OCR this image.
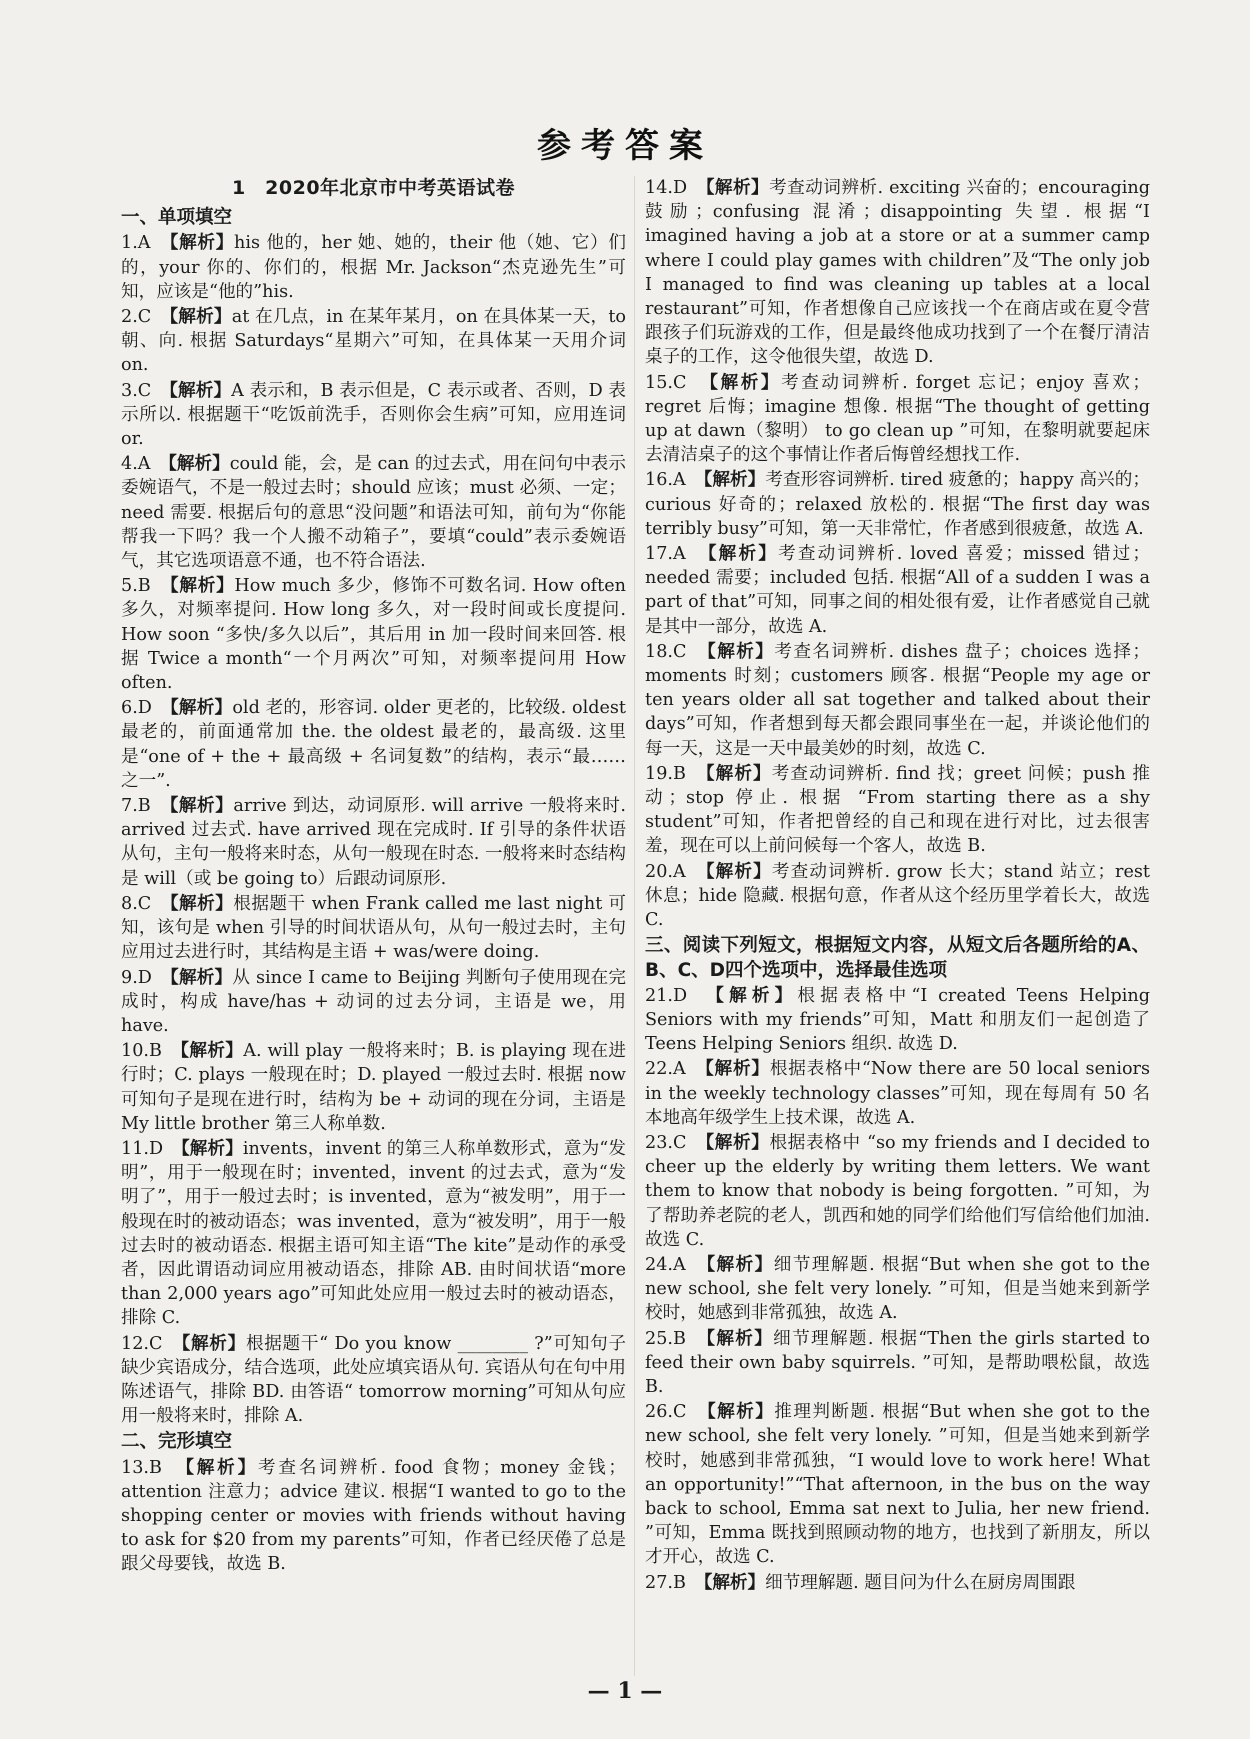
参考答案
1　2020年北京市中考英语试卷
一、单项填空
1.A　 【解析】his 他的，her 她、她的，their 他（她、它）们的，your 你的、你们的，根据 Mr. Jackson“杰克逊先生”可知，应该是“他的”his.
2.C　 【解析】at 在几点，in 在某年某月，on 在具体某一天，to 朝、向. 根据 Saturdays“星期六”可知，在具体某一天用介词 on.
3.C　 【解析】A 表示和，B 表示但是，C 表示或者、否则，D 表示所以. 根据题干“吃饭前洗手，否则你会生病”可知，应用连词 or.
4.A　 【解析】could 能，会，是 can 的过去式，用在问句中表示委婉语气，不是一般过去时；should 应该；must 必须、一定；need 需要. 根据后句的意思“没问题”和语法可知，前句为“你能帮我一下吗？我一个人搬不动箱子”，要填“could”表示委婉语气，其它选项语意不通，也不符合语法.
5.B　 【解析】How much 多少，修饰不可数名词. How often 多久，对频率提问. How long 多久，对一段时间或长度提问. How soon “多快/多久以后”，其后用 in 加一段时间来回答. 根据 Twice a month“一个月两次”可知，对频率提问用 How often.
6.D　 【解析】old 老的，形容词. older 更老的，比较级. oldest 最老的，前面通常加 the. the oldest 最老的，最高级. 这里是“one of + the + 最高级 + 名词复数”的结构，表示“最……之一”.
7.B　 【解析】arrive 到达，动词原形. will arrive 一般将来时. arrived 过去式. have arrived 现在完成时. If 引导的条件状语从句，主句一般将来时态，从句一般现在时态. 一般将来时态结构是 will（或 be going to）后跟动词原形.
8.C　 【解析】根据题干 when Frank called me last night 可知，该句是 when 引导的时间状语从句，从句一般过去时，主句应用过去进行时，其结构是主语 + was/were doing.
9.D　 【解析】从 since I came to Beijing 判断句子使用现在完成时，构成 have/has + 动词的过去分词，主语是 we，用 have.
10.B　 【解析】A. will play 一般将来时；B. is playing 现在进行时；C. plays 一般现在时；D. played 一般过去时. 根据 now 可知句子是现在进行时，结构为 be + 动词的现在分词，主语是 My little brother 第三人称单数.
11.D　 【解析】invents，invent 的第三人称单数形式，意为“发明”，用于一般现在时；invented，invent 的过去式，意为“发明了”，用于一般过去时；is invented，意为“被发明”，用于一般现在时的被动语态；was invented，意为“被发明”，用于一般过去时的被动语态. 根据主语可知主语“The kite”是动作的承受者，因此谓语动词应用被动语态，排除 AB. 由时间状语“more than 2,000 years ago”可知此处应用一般过去时的被动语态，排除 C.
12.C　 【解析】根据题干“ Do you know ________ ?”可知句子缺少宾语成分，结合选项，此处应填宾语从句. 宾语从句在句中用陈述语气，排除 BD. 由答语“ tomorrow morning”可知从句应用一般将来时，排除 A.
二、完形填空
13.B　 【解析】考查名词辨析. food 食物；money 金钱；attention 注意力；advice 建议. 根据“I wanted to go to the shopping center or movies with friends without having to ask for $20 from my parents”可知，作者已经厌倦了总是跟父母要钱，故选 B.
14.D　 【解析】考查动词辨析. exciting 兴奋的；encouraging 鼓励；confusing 混淆；disappointing 失望. 根据“I imagined having a job at a store or at a summer camp where I could play games with children”及“The only job I managed to find was cleaning up tables at a local restaurant”可知，作者想像自己应该找一个在商店或在夏令营跟孩子们玩游戏的工作，但是最终他成功找到了一个在餐厅清洁桌子的工作，这令他很失望，故选 D.
15.C　 【解析】考查动词辨析. forget 忘记；enjoy 喜欢；regret 后悔；imagine 想像. 根据“The thought of getting up at dawn（黎明） to go clean up ”可知，在黎明就要起床去清洁桌子的这个事情让作者后悔曾经想找工作.
16.A　 【解析】考查形容词辨析. tired 疲惫的；happy 高兴的；curious 好奇的；relaxed 放松的. 根据“The first day was terribly busy”可知，第一天非常忙，作者感到很疲惫，故选 A.
17.A　 【解析】考查动词辨析. loved 喜爱；missed 错过；needed 需要；included 包括. 根据“All of a sudden I was a part of that”可知，同事之间的相处很有爱，让作者感觉自己就是其中一部分，故选 A.
18.C　 【解析】考查名词辨析. dishes 盘子；choices 选择；moments 时刻；customers 顾客. 根据“People my age or ten years older all sat together and talked about their days”可知，作者想到每天都会跟同事坐在一起，并谈论他们的每一天，这是一天中最美妙的时刻，故选 C.
19.B　 【解析】考查动词辨析. find 找；greet 问候；push 推动；stop 停止. 根据 “From starting there as a shy student”可知，作者把曾经的自己和现在进行对比，过去很害羞，现在可以上前问候每一个客人，故选 B.
20.A　 【解析】考查动词辨析. grow 长大；stand 站立；rest 休息；hide 隐藏. 根据句意，作者从这个经历里学着长大，故选 C.
三、阅读下列短文，根据短文内容，从短文后各题所给的A、B、C、D四个选项中，选择最佳选项
21.D　 【解析】根据表格中“I created Teens Helping Seniors with my friends”可知，Matt 和朋友们一起创造了 Teens Helping Seniors 组织. 故选 D.
22.A　 【解析】根据表格中“Now there are 50 local seniors in the weekly technology classes”可知，现在每周有 50 名本地高年级学生上技术课，故选 A.
23.C　 【解析】根据表格中 “so my friends and I decided to cheer up the elderly by writing them letters. We want them to know that nobody is being forgotten. ”可知，为了帮助养老院的老人，凯西和她的同学们给他们写信给他们加油. 故选 C.
24.A　 【解析】细节理解题. 根据“But when she got to the new school, she felt very lonely. ”可知，但是当她来到新学校时，她感到非常孤独，故选 A.
25.B　 【解析】细节理解题. 根据“Then the girls started to feed their own baby squirrels. ”可知，是帮助喂松鼠，故选 B.
26.C　 【解析】推理判断题. 根据“But when she got to the new school, she felt very lonely. ”可知，但是当她来到新学校时，她感到非常孤独，“I would love to work here! What an opportunity!”“That afternoon, in the bus on the way back to school, Emma sat next to Julia, her new friend. ”可知，Emma 既找到照顾动物的地方，也找到了新朋友，所以才开心，故选 C.
27.B　 【解析】细节理解题. 题目问为什么在厨房周围跟
— 1 —
